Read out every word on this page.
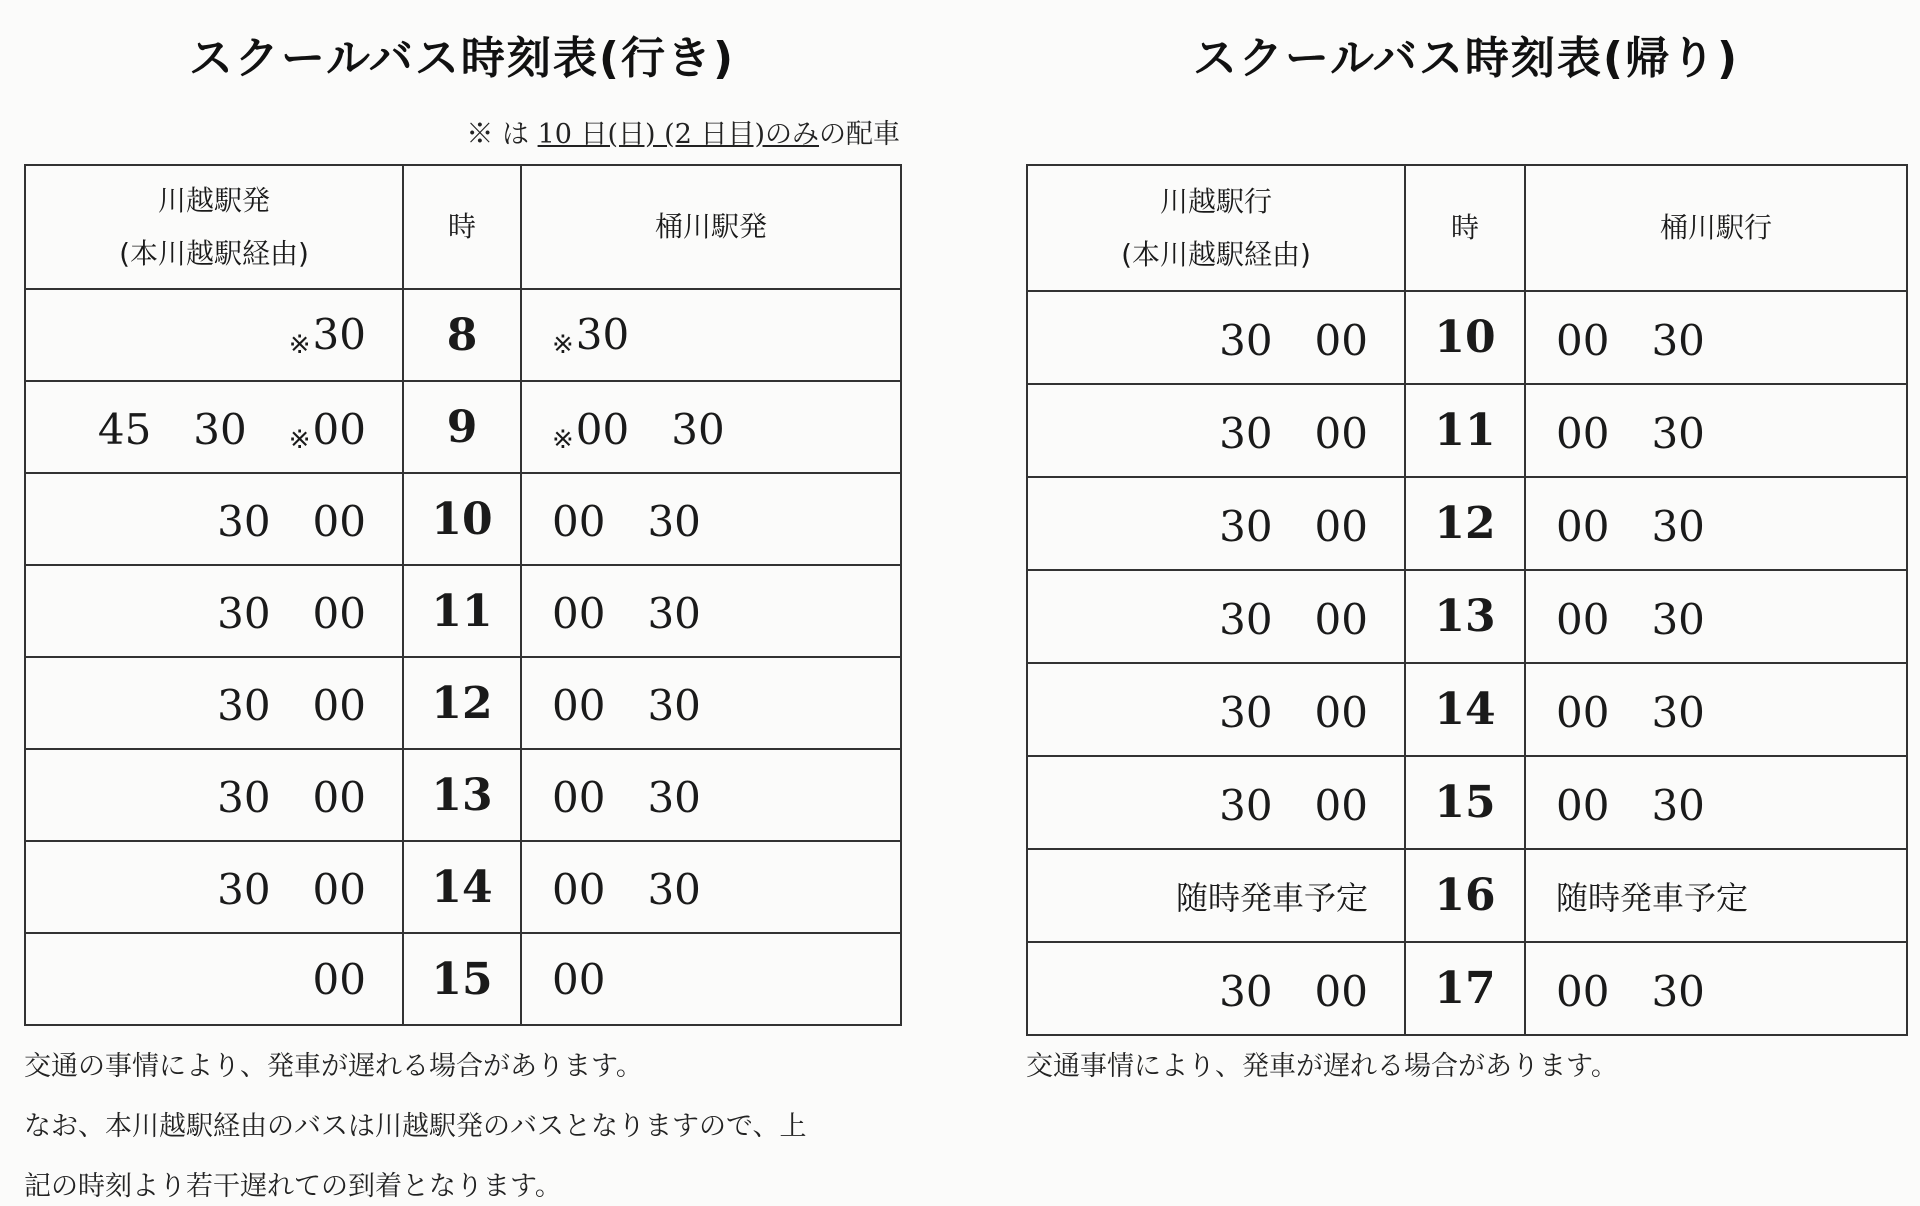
スクールバス時刻表(行き)
※ は 10 日(日) (2 日目)のみの配車
川越駅発
(本川越駅経由)	時	桶川駅発
※30	8	※30
45　30　※00	9	※00　30
30　00	10	00　30
30　00	11	00　30
30　00	12	00　30
30　00	13	00　30
30　00	14	00　30
00	15	00
交通の事情により、発車が遅れる場合があります。
なお、本川越駅経由のバスは川越駅発のバスとなりますので、上
記の時刻より若干遅れての到着となります。
スクールバス時刻表(帰り)
川越駅行
(本川越駅経由)	時	桶川駅行
30　00	10	00　30
30　00	11	00　30
30　00	12	00　30
30　00	13	00　30
30　00	14	00　30
30　00	15	00　30
随時発車予定	16	随時発車予定
30　00	17	00　30
交通事情により、発車が遅れる場合があります。
